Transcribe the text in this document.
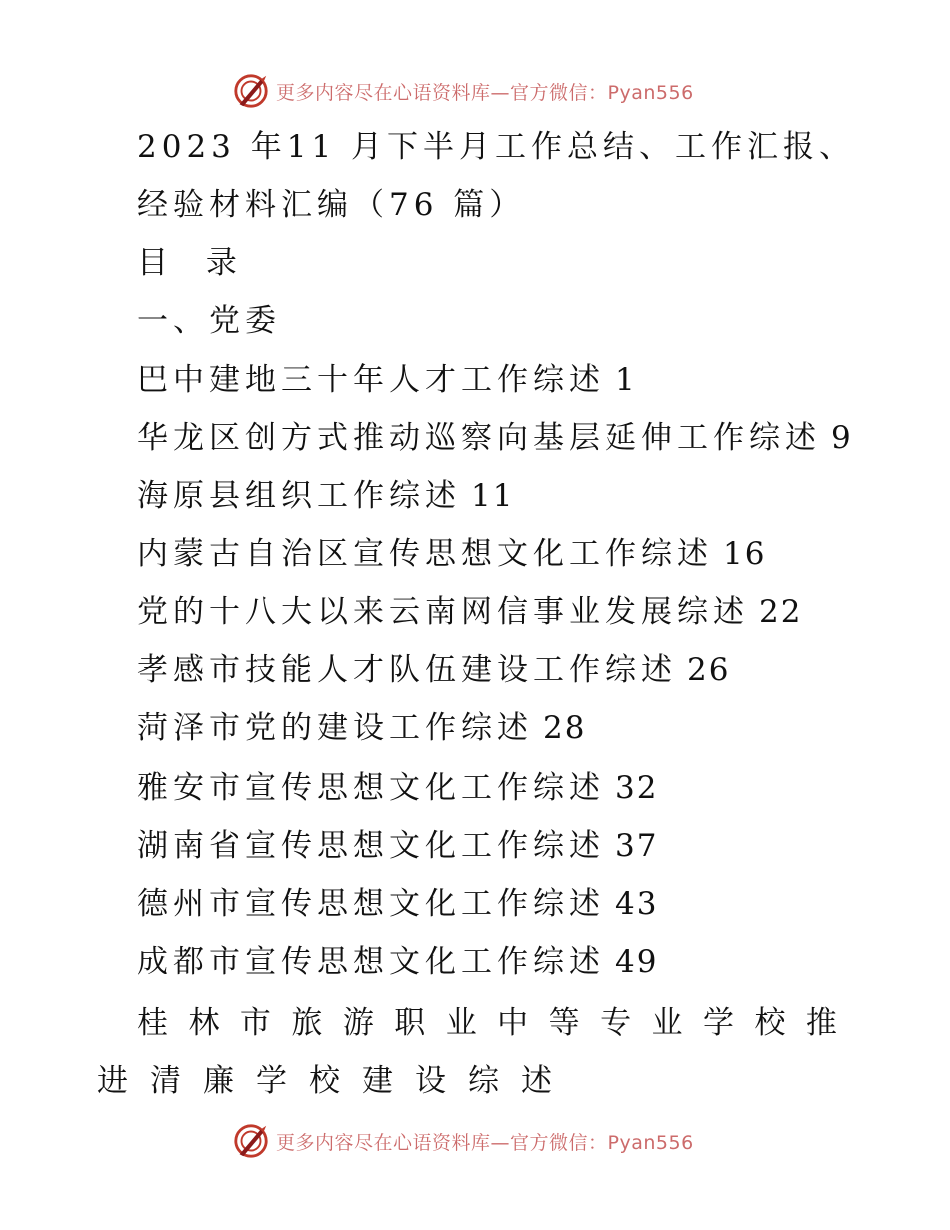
更多内容尽在心语资料库—官方微信：Pyan556
2023 年11 月下半月工作总结、工作汇报、
经验材料汇编（76 篇）
目 录
一、党委
巴中建地三十年人才工作综述 1
华龙区创方式推动巡察向基层延伸工作综述 9
海原县组织工作综述 11
内蒙古自治区宣传思想文化工作综述 16
党的十八大以来云南网信事业发展综述 22
孝感市技能人才队伍建设工作综述 26
菏泽市党的建设工作综述 28
雅安市宣传思想文化工作综述 32
湖南省宣传思想文化工作综述 37
德州市宣传思想文化工作综述 43
成都市宣传思想文化工作综述 49
桂 林 市 旅 游 职 业 中 等 专 业 学 校 推
进清廉学校建设综述
更多内容尽在心语资料库—官方微信：Pyan556
